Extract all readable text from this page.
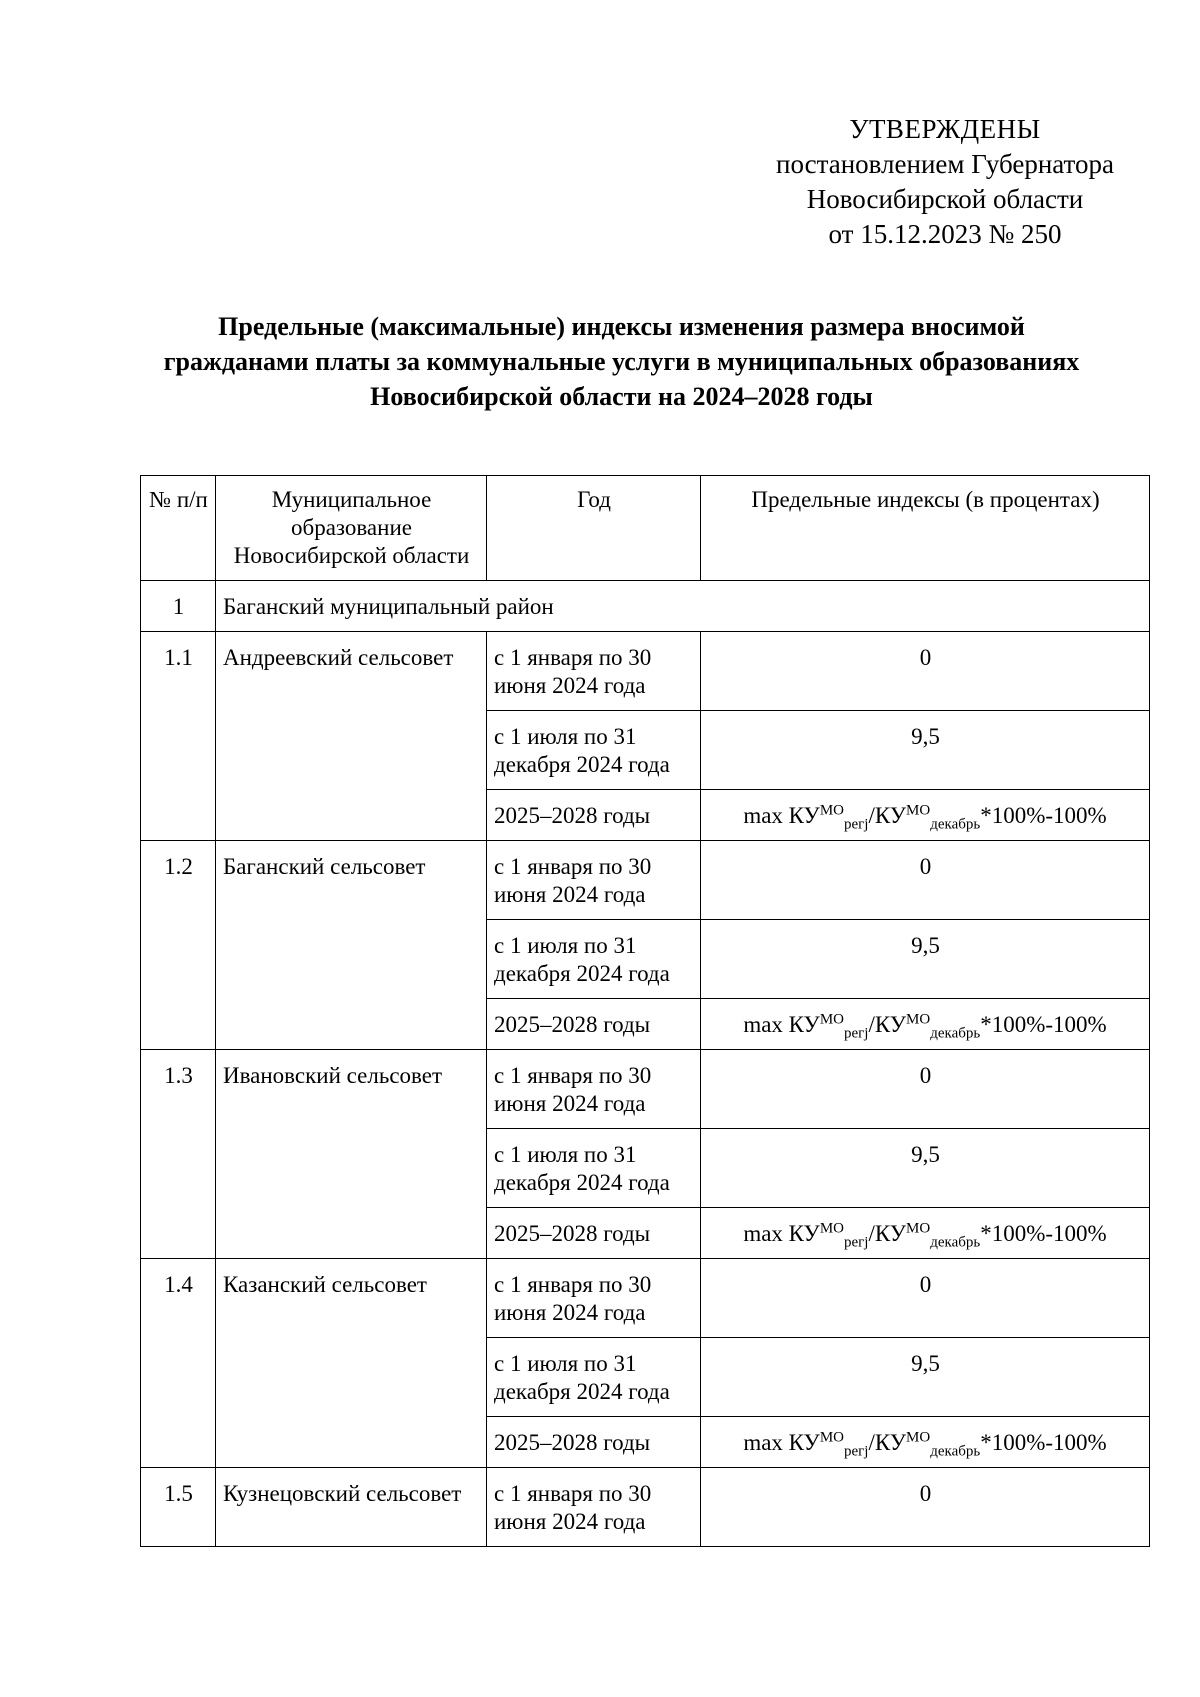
УТВЕРЖДЕНЫ
постановлением Губернатора
Новосибирской области
от 15.12.2023 № 250
Предельные (максимальные) индексы изменения размера вносимой
гражданами платы за коммунальные услуги в муниципальных образованиях
Новосибирской области на 2024–2028 годы
№ п/п	Муниципальное образование Новосибирской области	Год	Предельные индексы (в процентах)
1	Баганский муниципальный район		
1.1	Андреевский сельсовет	с 1 января по 30 июня 2024 года	0
		с 1 июля по 31 декабря 2024 года	9,5
		2025–2028 годы	$\max КУ^{МО}_{регj}/КУ^{МО}_{декабрь}*100\%-100\%$
1.2	Баганский сельсовет	с 1 января по 30 июня 2024 года	0
		с 1 июля по 31 декабря 2024 года	9,5
		2025–2028 годы	$\max КУ^{МО}_{регj}/КУ^{МО}_{декабрь}*100\%-100\%$
1.3	Ивановский сельсовет	с 1 января по 30 июня 2024 года	0
		с 1 июля по 31 декабря 2024 года	9,5
		2025–2028 годы	$\max КУ^{МО}_{регj}/КУ^{МО}_{декабрь}*100\%-100\%$
1.4	Казанский сельсовет	с 1 января по 30 июня 2024 года	0
		с 1 июля по 31 декабря 2024 года	9,5
		2025–2028 годы	$\max КУ^{МО}_{регj}/КУ^{МО}_{декабрь}*100\%-100\%$
1.5	Кузнецовский сельсовет	с 1 января по 30 июня 2024 года	0
